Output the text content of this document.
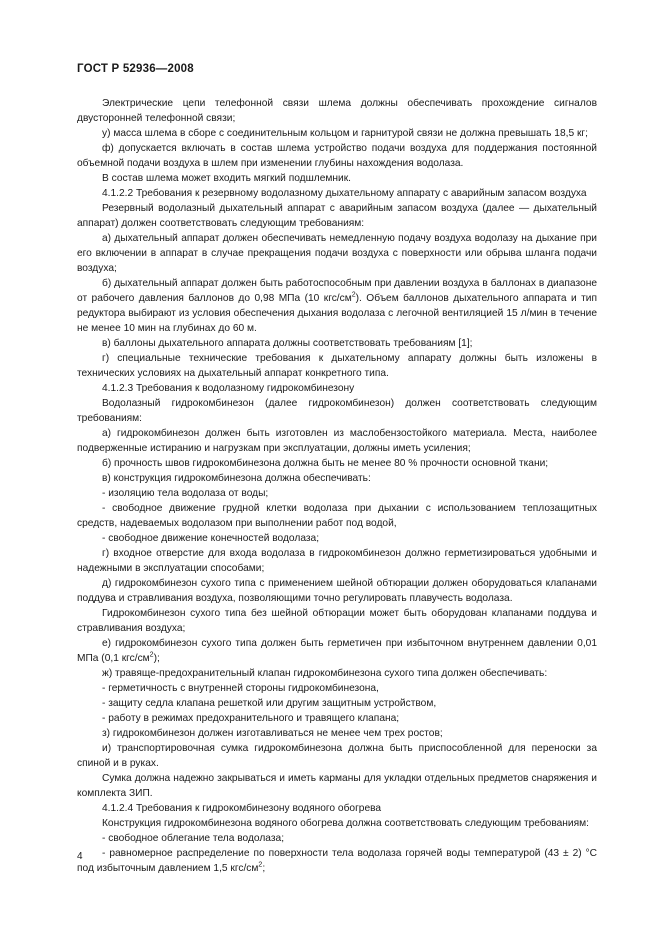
ГОСТ Р 52936—2008

Электрические цепи телефонной связи шлема должны обеспечивать прохождение сигналов двусторонней телефонной связи;

у) масса шлема в сборе с соединительным кольцом и гарнитурой связи не должна превышать 18,5 кг;

ф) допускается включать в состав шлема устройство подачи воздуха для поддержания постоянной объемной подачи воздуха в шлем при изменении глубины нахождения водолаза.

В состав шлема может входить мягкий подшлемник.

4.1.2.2 Требования к резервному водолазному дыхательному аппарату с аварийным запасом воздуха

Резервный водолазный дыхательный аппарат с аварийным запасом воздуха (далее — дыхательный аппарат) должен соответствовать следующим требованиям:

а) дыхательный аппарат должен обеспечивать немедленную подачу воздуха водолазу на дыхание при его включении в аппарат в случае прекращения подачи воздуха с поверхности или обрыва шланга подачи воздуха;

б) дыхательный аппарат должен быть работоспособным при давлении воздуха в баллонах в диапазоне от рабочего давления баллонов до 0,98 МПа (10 кгс/$см^2$). Объем баллонов дыхательного аппарата и тип редуктора выбирают из условия обеспечения дыхания водолаза с легочной вентиляцией 15 л/мин в течение не менее 10 мин на глубинах до 60 м.

в) баллоны дыхательного аппарата должны соответствовать требованиям [1];

г) специальные технические требования к дыхательному аппарату должны быть изложены в технических условиях на дыхательный аппарат конкретного типа.

4.1.2.3 Требования к водолазному гидрокомбинезону

Водолазный гидрокомбинезон (далее гидрокомбинезон) должен соответствовать следующим требованиям:

а) гидрокомбинезон должен быть изготовлен из маслобензостойкого материала. Места, наиболее подверженные истиранию и нагрузкам при эксплуатации, должны иметь усиления;

б) прочность швов гидрокомбинезона должна быть не менее 80 % прочности основной ткани;

в) конструкция гидрокомбинезона должна обеспечивать:

- изоляцию тела водолаза от воды;

- свободное движение грудной клетки водолаза при дыхании с использованием теплозащитных средств, надеваемых водолазом при выполнении работ под водой,

- свободное движение конечностей водолаза;

г) входное отверстие для входа водолаза в гидрокомбинезон должно герметизироваться удобными и надежными в эксплуатации способами;

д) гидрокомбинезон сухого типа с применением шейной обтюрации должен оборудоваться клапанами поддува и стравливания воздуха, позволяющими точно регулировать плавучесть водолаза.

Гидрокомбинезон сухого типа без шейной обтюрации может быть оборудован клапанами поддува и стравливания воздуха;

е) гидрокомбинезон сухого типа должен быть герметичен при избыточном внутреннем давлении 0,01 МПа (0,1 кгс/$см^2$);

ж) травяще-предохранительный клапан гидрокомбинезона сухого типа должен обеспечивать:

- герметичность с внутренней стороны гидрокомбинезона,

- защиту седла клапана решеткой или другим защитным устройством,

- работу в режимах предохранительного и травящего клапана;

з) гидрокомбинезон должен изготавливаться не менее чем трех ростов;

и) транспортировочная сумка гидрокомбинезона должна быть приспособленной для переноски за спиной и в руках.

Сумка должна надежно закрываться и иметь карманы для укладки отдельных предметов снаряжения и комплекта ЗИП.

4.1.2.4 Требования к гидрокомбинезону водяного обогрева

Конструкция гидрокомбинезона водяного обогрева должна соответствовать следующим требованиям:

- свободное облегание тела водолаза;

- равномерное распределение по поверхности тела водолаза горячей воды температурой (43 ± 2) °С под избыточным давлением 1,5 кгс/$см^2$;

4
